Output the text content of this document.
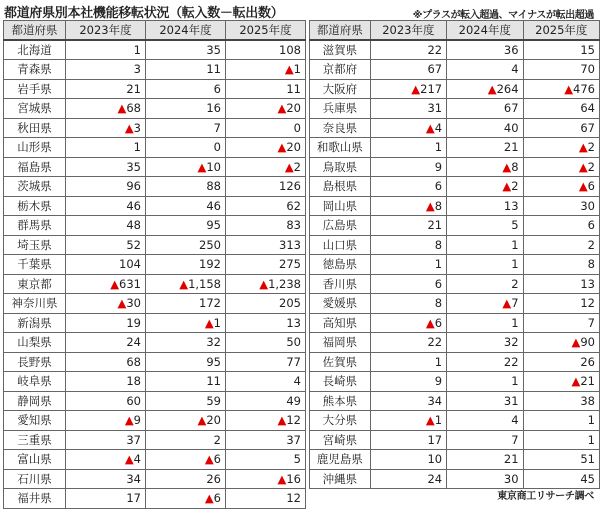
都道府県別本社機能移転状況（転入数－転出数）	※プラスが転入超過、マイナスが転出超過
都道府県	2023年度	2024年度	2025年度
北海道	1	35	108
青森県	3	11	▲1
岩手県	21	6	11
宮城県	▲68	16	▲20
秋田県	▲3	7	0
山形県	1	0	▲20
福島県	35	▲10	▲2
茨城県	96	88	126
栃木県	46	46	62
群馬県	48	95	83
埼玉県	52	250	313
千葉県	104	192	275
東京都	▲631	▲1,158	▲1,238
神奈川県	▲30	172	205
新潟県	19	▲1	13
山梨県	24	32	50
長野県	68	95	77
岐阜県	18	11	4
静岡県	60	59	49
愛知県	▲9	▲20	▲12
三重県	37	2	37
富山県	▲4	▲6	5
石川県	34	26	▲16
福井県	17	▲6	12
都道府県	2023年度	2024年度	2025年度
滋賀県	22	36	15
京都府	67	4	70
大阪府	▲217	▲264	▲476
兵庫県	31	67	64
奈良県	▲4	40	67
和歌山県	1	21	▲2
鳥取県	9	▲8	▲2
島根県	6	▲2	▲6
岡山県	▲8	13	30
広島県	21	5	6
山口県	8	1	2
徳島県	1	1	8
香川県	6	2	13
愛媛県	8	▲7	12
高知県	▲6	1	7
福岡県	22	32	▲90
佐賀県	1	22	26
長崎県	9	1	▲21
熊本県	34	31	38
大分県	▲1	4	1
宮崎県	17	7	1
鹿児島県	10	21	51
沖縄県	24	30	45
東京商工リサーチ調べ
